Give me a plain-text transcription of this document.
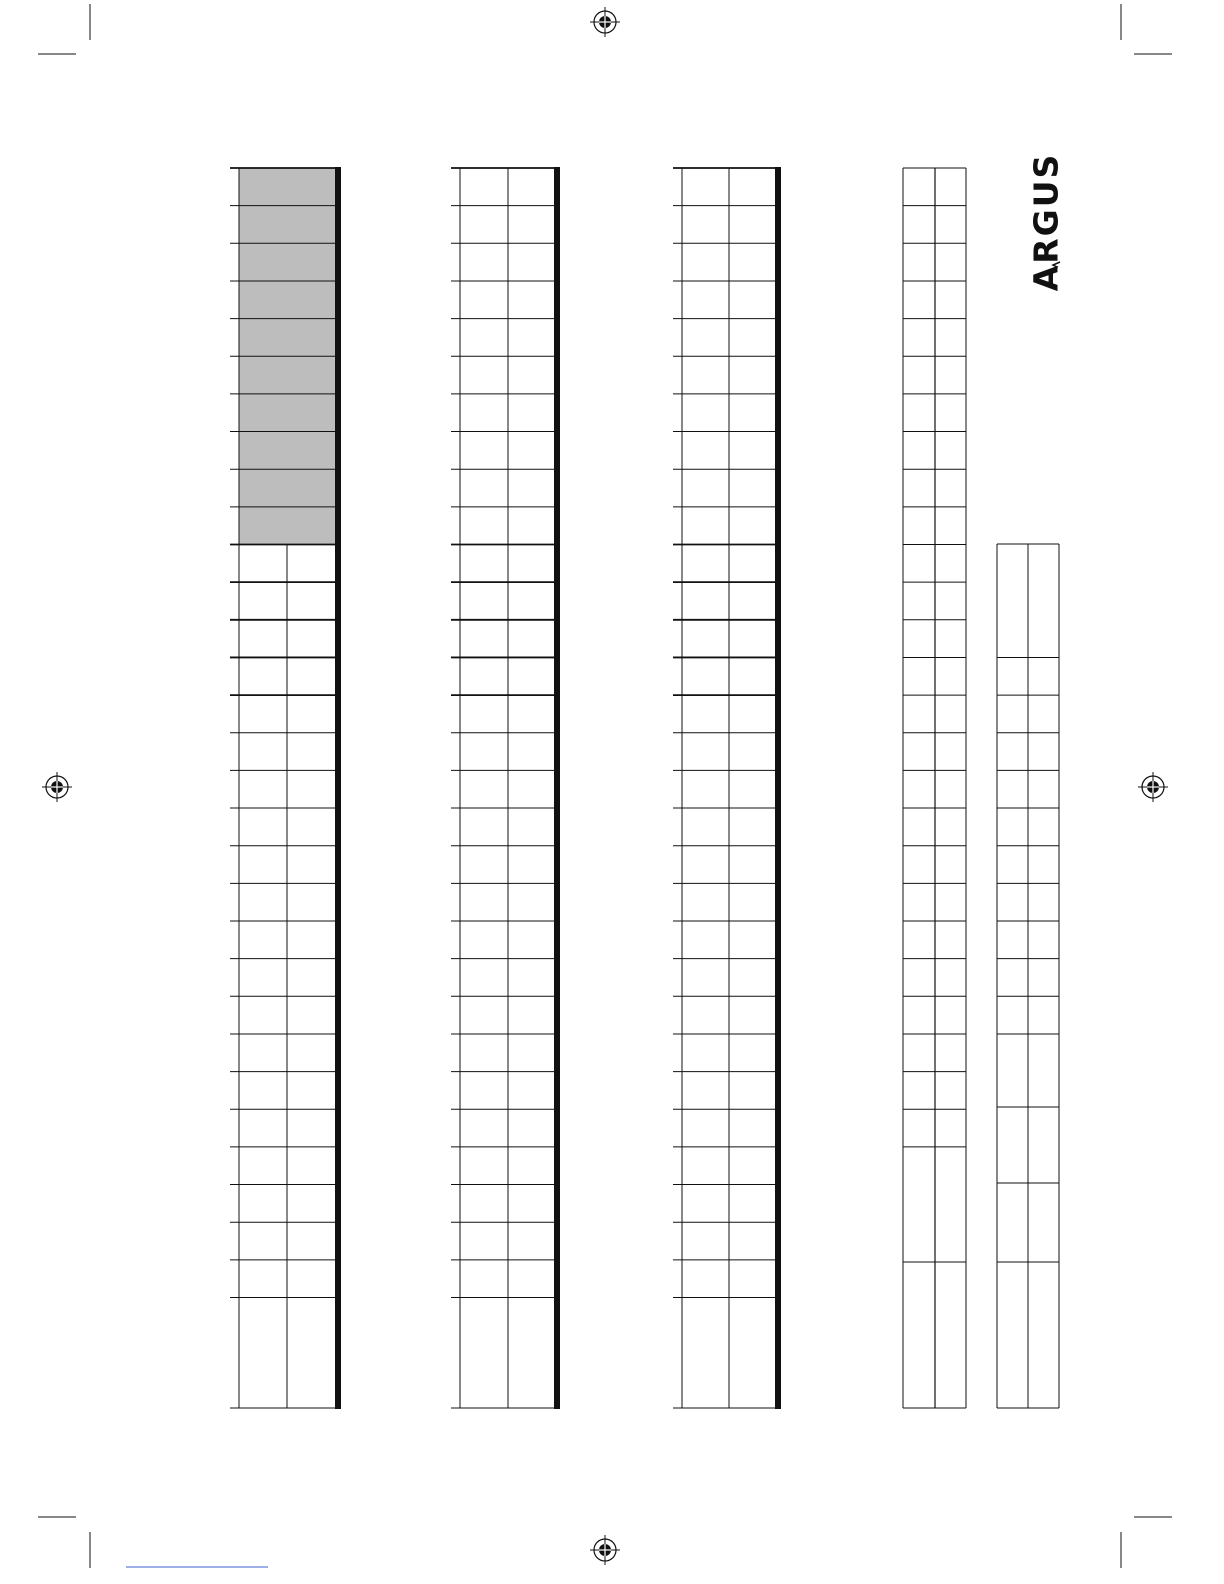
ARGUS
